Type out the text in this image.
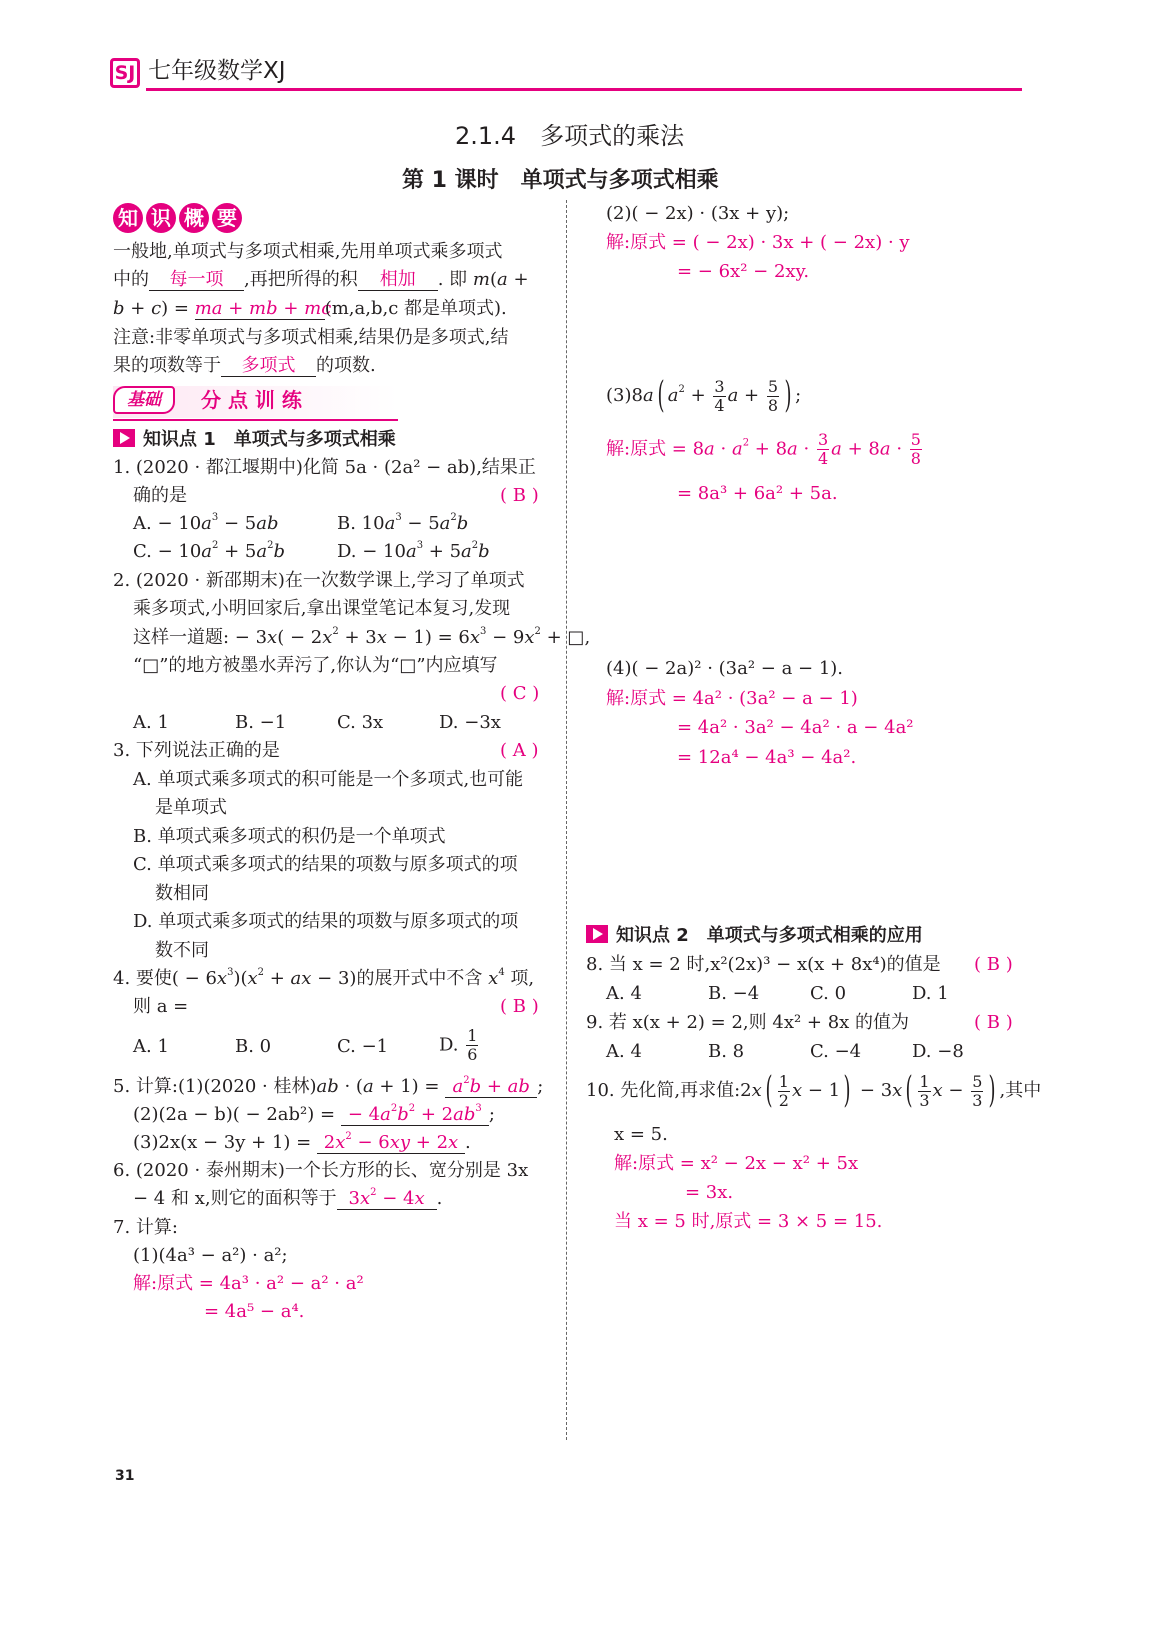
SJ 七年级数学XJ
2.1.4　多项式的乘法
第 1 课时　单项式与多项式相乘
知 识 概 要
一般地,单项式与多项式相乘,先用单项式乘多项式
中的 每一项 ,再把所得的积 相加 . 即 m(a +
b + c) = ma + mb + mc(m,a,b,c 都是单项式).
注意:非零单项式与多项式相乘,结果仍是多项式,结
果的项数等于 多项式 的项数.
基础	分 点 训 练
知识点 1　单项式与多项式相乘
1. (2020 · 都江堰期中)化简 5a · (2a² − ab),结果正
确的是	( B )
A. − $10a^3 - 5ab$	B. $10a^3 - 5a^2b$
C. − $10a^2 + 5a^2b$	D. − $10a^3 + 5a^2b$
2. (2020 · 新邵期末)在一次数学课上,学习了单项式
乘多项式,小明回家后,拿出课堂笔记本复习,发现
这样一道题: − $3x( - 2x^2 + 3x - 1) = 6x^3 - 9x^2$ + □,
“□”的地方被墨水弄污了,你认为“□”内应填写
( C )
A. 1	B. −1	C. 3x	D. −3x
3. 下列说法正确的是	( A )
A. 单项式乘多项式的积可能是一个多项式,也可能
是单项式
B. 单项式乘多项式的积仍是一个单项式
C. 单项式乘多项式的结果的项数与原多项式的项
数相同
D. 单项式乘多项式的结果的项数与原多项式的项
数不同
4. 要使( − $6x^3)(x^2$ + ax − 3)的展开式中不含 $x^4$ 项,
则 a =	( B )
A. 1	B. 0	C. −1	D. $\frac{1}{6}$
5. 计算:(1)(2020 · 桂林)$ab \cdot (a + 1) = a^2b$ + ab ;
(2)(2a − b)( − 2ab²) = − $4a^2b^2 + 2ab^3$ ;
$(3)2x(x - 3y + 1) = 2x^2 - 6xy + 2x$ .
6. (2020 · 泰州期末)一个长方形的长、宽分别是 3x
− 4 和 x,则它的面积等于 $3x^2 - 4x$ .
7. 计算:
(1)(4a³ − a²) · a²;
解:原式 = 4a³ · a² − a² · a²
= 4a⁵ − a⁴.
(2)( − 2x) · (3x + y);
解:原式 = ( − 2x) · 3x + ( − 2x) · y
= − 6x² − 2xy.
(3)8a( $a^2 + \frac{3}{4}$ $a + \frac{5}{8}$ ) ;
解:原式 = $8a \cdot a^2 + 8a \cdot \frac{3}{4}$ $a + 8a \cdot \frac{5}{8}$
= 8a³ + 6a² + 5a.
(4)( − 2a)² · (3a² − a − 1).
解:原式 = 4a² · (3a² − a − 1)
= 4a² · 3a² − 4a² · a − 4a²
= 12a⁴ − 4a³ − 4a².
知识点 2　单项式与多项式相乘的应用
8. 当 x = 2 时,x²(2x)³ − x(x + 8x⁴)的值是 ( B )
A. 4	B. −4	C. 0	D. 1
9. 若 x(x + 2) = 2,则 4x² + 8x 的值为	( B )
A. 4	B. 8	C. −4	D. −8
10. 先化简,再求值:2x( $\frac{1}{2}$ $x - 1) - 3x( \frac{1}{3}$ $x - \frac{5}{3}$ ) ,其中
x = 5.
解:原式 = x² − 2x − x² + 5x
= 3x.
当 x = 5 时,原式 = 3 × 5 = 15.
31
